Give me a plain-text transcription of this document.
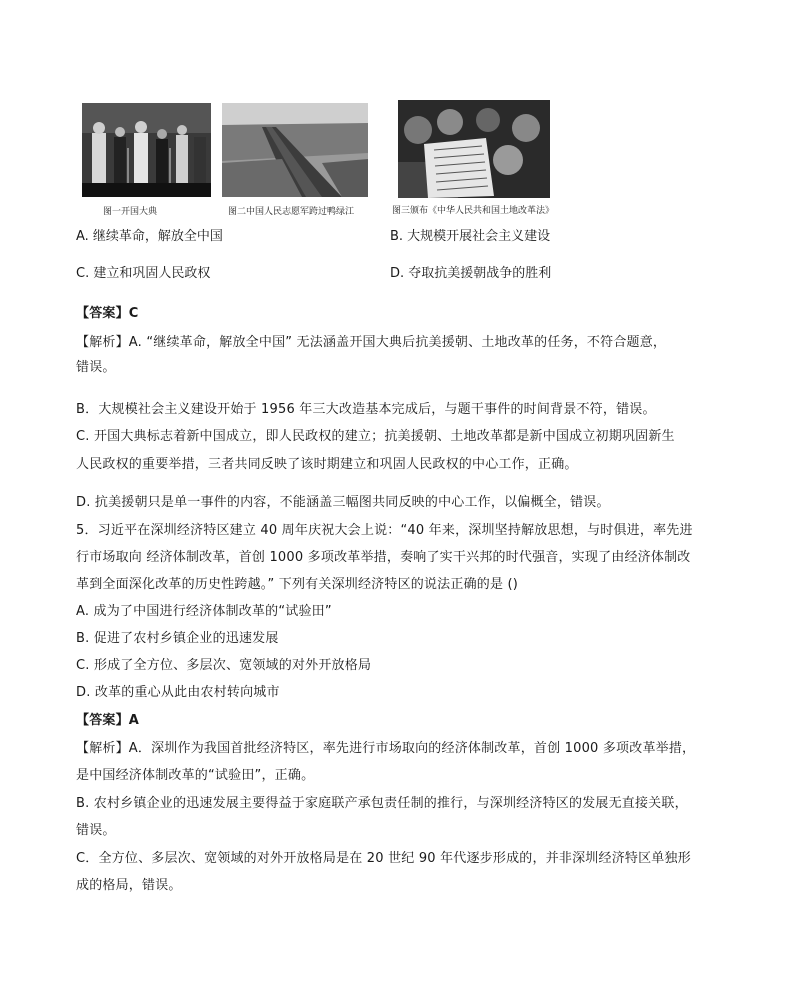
图一开国大典	图二中国人民志愿军跨过鸭绿江	图三颁布《中华人民共和国土地改革法》
A. 继续革命，解放全中国	B. 大规模开展社会主义建设
C. 建立和巩固人民政权	D. 夺取抗美援朝战争的胜利
【答案】C
【解析】A. “继续革命，解放全中国” 无法涵盖开国大典后抗美援朝、土地改革的任务，不符合题意，
错误。
B．大规模社会主义建设开始于 1956 年三大改造基本完成后，与题干事件的时间背景不符，错误。
C. 开国大典标志着新中国成立，即人民政权的建立；抗美援朝、土地改革都是新中国成立初期巩固新生
人民政权的重要举措，三者共同反映了该时期建立和巩固人民政权的中心工作，正确。
D. 抗美援朝只是单一事件的内容，不能涵盖三幅图共同反映的中心工作，以偏概全，错误。
5．习近平在深圳经济特区建立 40 周年庆祝大会上说：“40 年来，深圳坚持解放思想，与时俱进，率先进
行市场取向 经济体制改革，首创 1000 多项改革举措，奏响了实干兴邦的时代强音，实现了由经济体制改
革到全面深化改革的历史性跨越。” 下列有关深圳经济特区的说法正确的是 ()
A. 成为了中国进行经济体制改革的“试验田”
B. 促进了农村乡镇企业的迅速发展
C. 形成了全方位、多层次、宽领域的对外开放格局
D. 改革的重心从此由农村转向城市
【答案】A
【解析】A．深圳作为我国首批经济特区，率先进行市场取向的经济体制改革，首创 1000 多项改革举措，
是中国经济体制改革的“试验田”，正确。
B. 农村乡镇企业的迅速发展主要得益于家庭联产承包责任制的推行，与深圳经济特区的发展无直接关联，
错误。
C．全方位、多层次、宽领域的对外开放格局是在 20 世纪 90 年代逐步形成的，并非深圳经济特区单独形
成的格局，错误。
